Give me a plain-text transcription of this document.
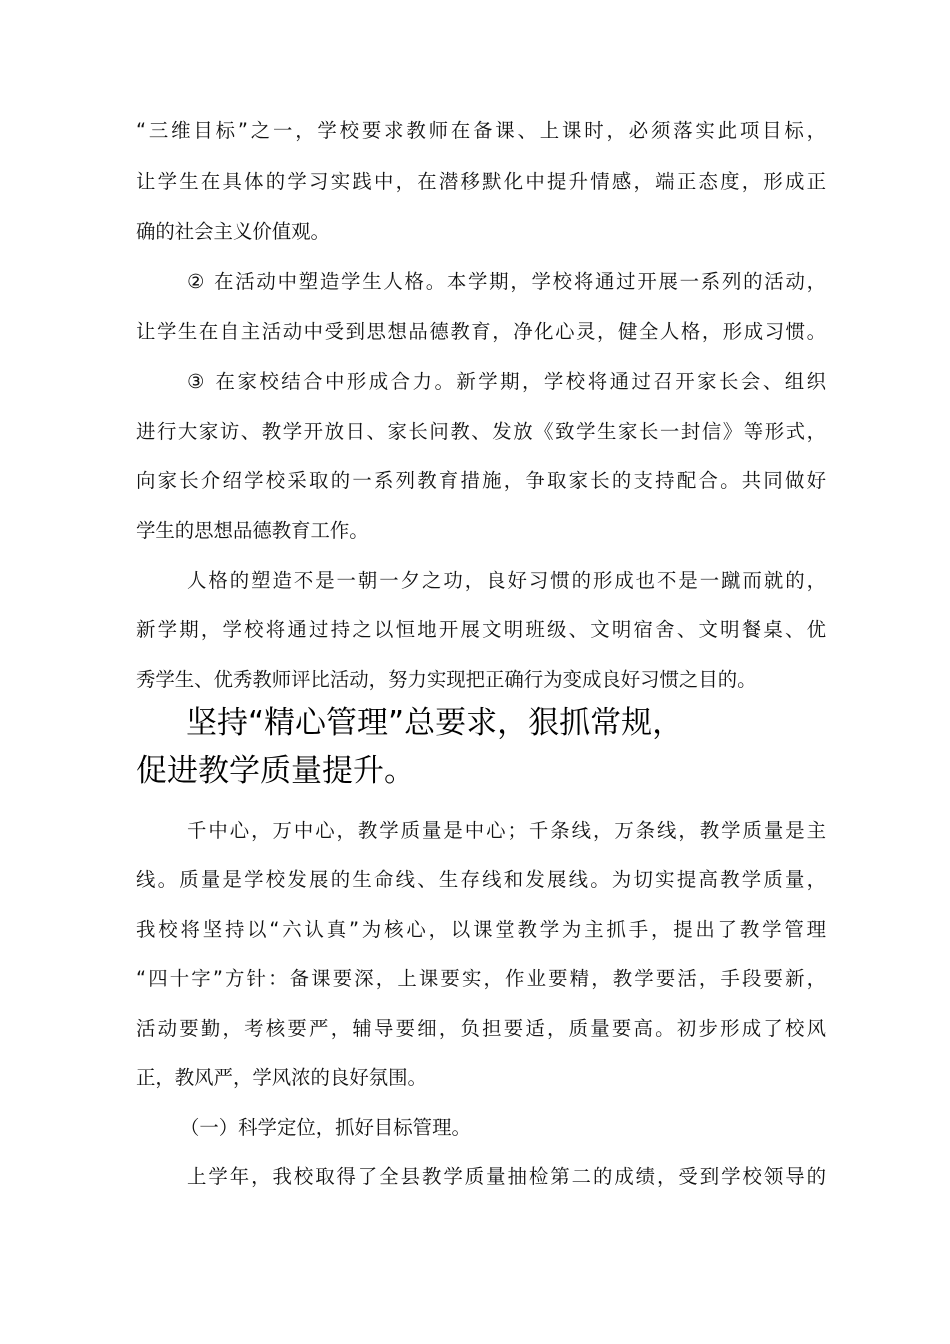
“三维目标”之一，学校要求教师在备课、上课时，必须落实此项目标，
让学生在具体的学习实践中，在潜移默化中提升情感，端正态度，形成正
确的社会主义价值观。
② 在活动中塑造学生人格。本学期，学校将通过开展一系列的活动，
让学生在自主活动中受到思想品德教育，净化心灵，健全人格，形成习惯。
③ 在家校结合中形成合力。新学期，学校将通过召开家长会、组织
进行大家访、教学开放日、家长问教、发放《致学生家长一封信》等形式，
向家长介绍学校采取的一系列教育措施，争取家长的支持配合。共同做好
学生的思想品德教育工作。
人格的塑造不是一朝一夕之功，良好习惯的形成也不是一蹴而就的，
新学期，学校将通过持之以恒地开展文明班级、文明宿舍、文明餐桌、优
秀学生、优秀教师评比活动，努力实现把正确行为变成良好习惯之目的。
坚持“精心管理”总要求，狠抓常规，
促进教学质量提升。
千中心，万中心，教学质量是中心；千条线，万条线，教学质量是主
线。质量是学校发展的生命线、生存线和发展线。为切实提高教学质量，
我校将坚持以“六认真”为核心，以课堂教学为主抓手，提出了教学管理
“四十字”方针：备课要深，上课要实，作业要精，教学要活，手段要新，
活动要勤，考核要严，辅导要细，负担要适，质量要高。初步形成了校风
正，教风严，学风浓的良好氛围。
（一）科学定位，抓好目标管理。
上学年，我校取得了全县教学质量抽检第二的成绩，受到学校领导的
